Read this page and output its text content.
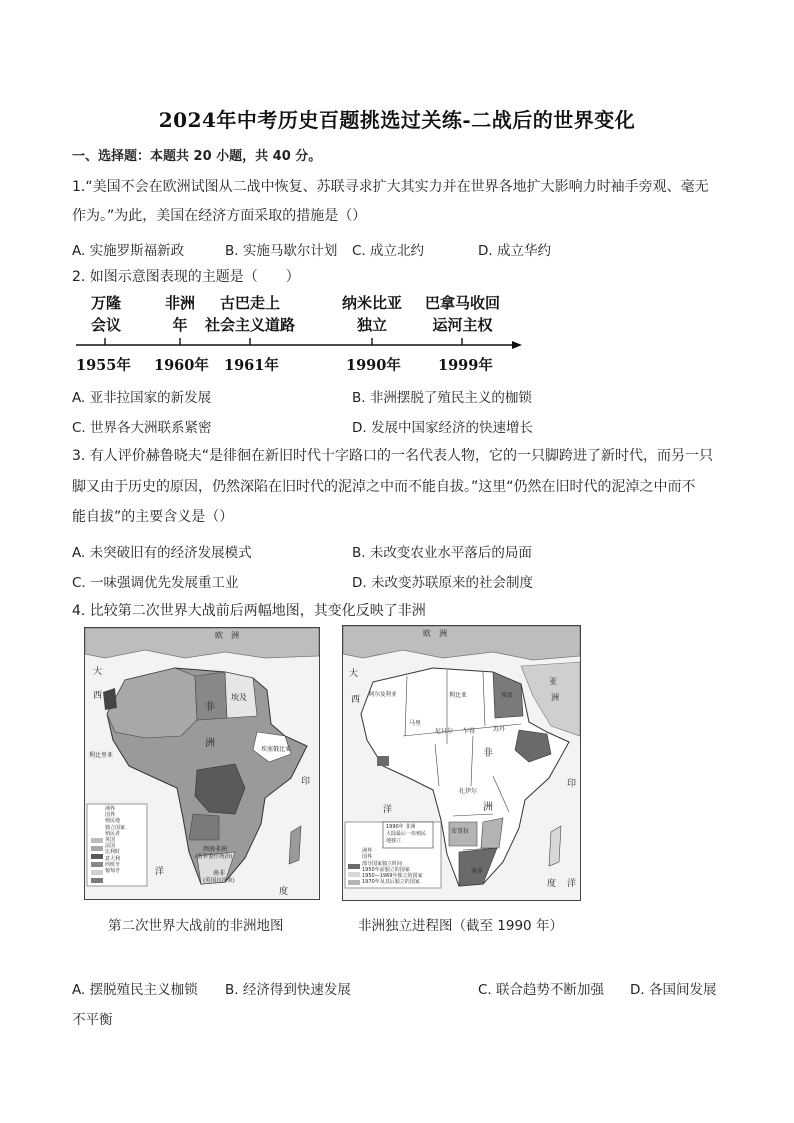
2024年中考历史百题挑选过关练-二战后的世界变化
一、选择题：本题共 20 小题，共 40 分。
1.“美国不会在欧洲试图从二战中恢复、苏联寻求扩大其实力并在世界各地扩大影响力时袖手旁观、毫无
作为。”为此，美国在经济方面采取的措施是（）
A. 实施罗斯福新政	B. 实施马歇尔计划 C. 成立北约	D. 成立华约
2. 如图示意图表现的主题是（　　）
万隆
会议
非洲
年
古巴走上
社会主义道路
纳米比亚
独立
巴拿马收回
运河主权
1955年 1960年 1961年	1990年	1999年
A. 亚非拉国家的新发展	B. 非洲摆脱了殖民主义的枷锁
C. 世界各大洲联系紧密	D. 发展中国家经济的快速增长
3. 有人评价赫鲁晓夫“是徘徊在新旧时代十字路口的一名代表人物，它的一只脚跨进了新时代，而另一只
脚又由于历史的原因，仍然深陷在旧时代的泥淖之中而不能自拔。”这里“仍然在旧时代的泥淖之中而不
能自拔”的主要含义是（）
A. 未突破旧有的经济发展模式	B. 未改变农业水平落后的局面
C. 一味强调优先发展重工业	D. 未改变苏联原来的社会制度
4. 比较第二次世界大战前后两幅地图，其变化反映了非洲
欧 洲
非
埃及
洲
埃塞俄比亚
利比里亚
西南非洲
(南非委任统治)
南非
(英国自治领)
大
西
洋
印
度
洲界
国界
殖民地
独立国家
殖民者
英国
法国
比利时
意大利
西班牙
葡萄牙
欧 洲
亚
洲
阿尔及利亚	利比亚	埃及
马里
尼日尔 乍得	苏丹
非
洲
扎伊尔
安哥拉
南非
大
西
洋
印
度 洋
1990年 非洲
大陆最后一块殖民
地独立
洲界
国界
部分国家独立时间
1950年前独立的国家
1950—1969年独立的国家
1970年及其后独立的国家
第二次世界大战前的非洲地图	非洲独立进程图（截至 1990 年）
A. 摆脱殖民主义枷锁 B. 经济得到快速发展	C. 联合趋势不断加强 D. 各国间发展
不平衡
